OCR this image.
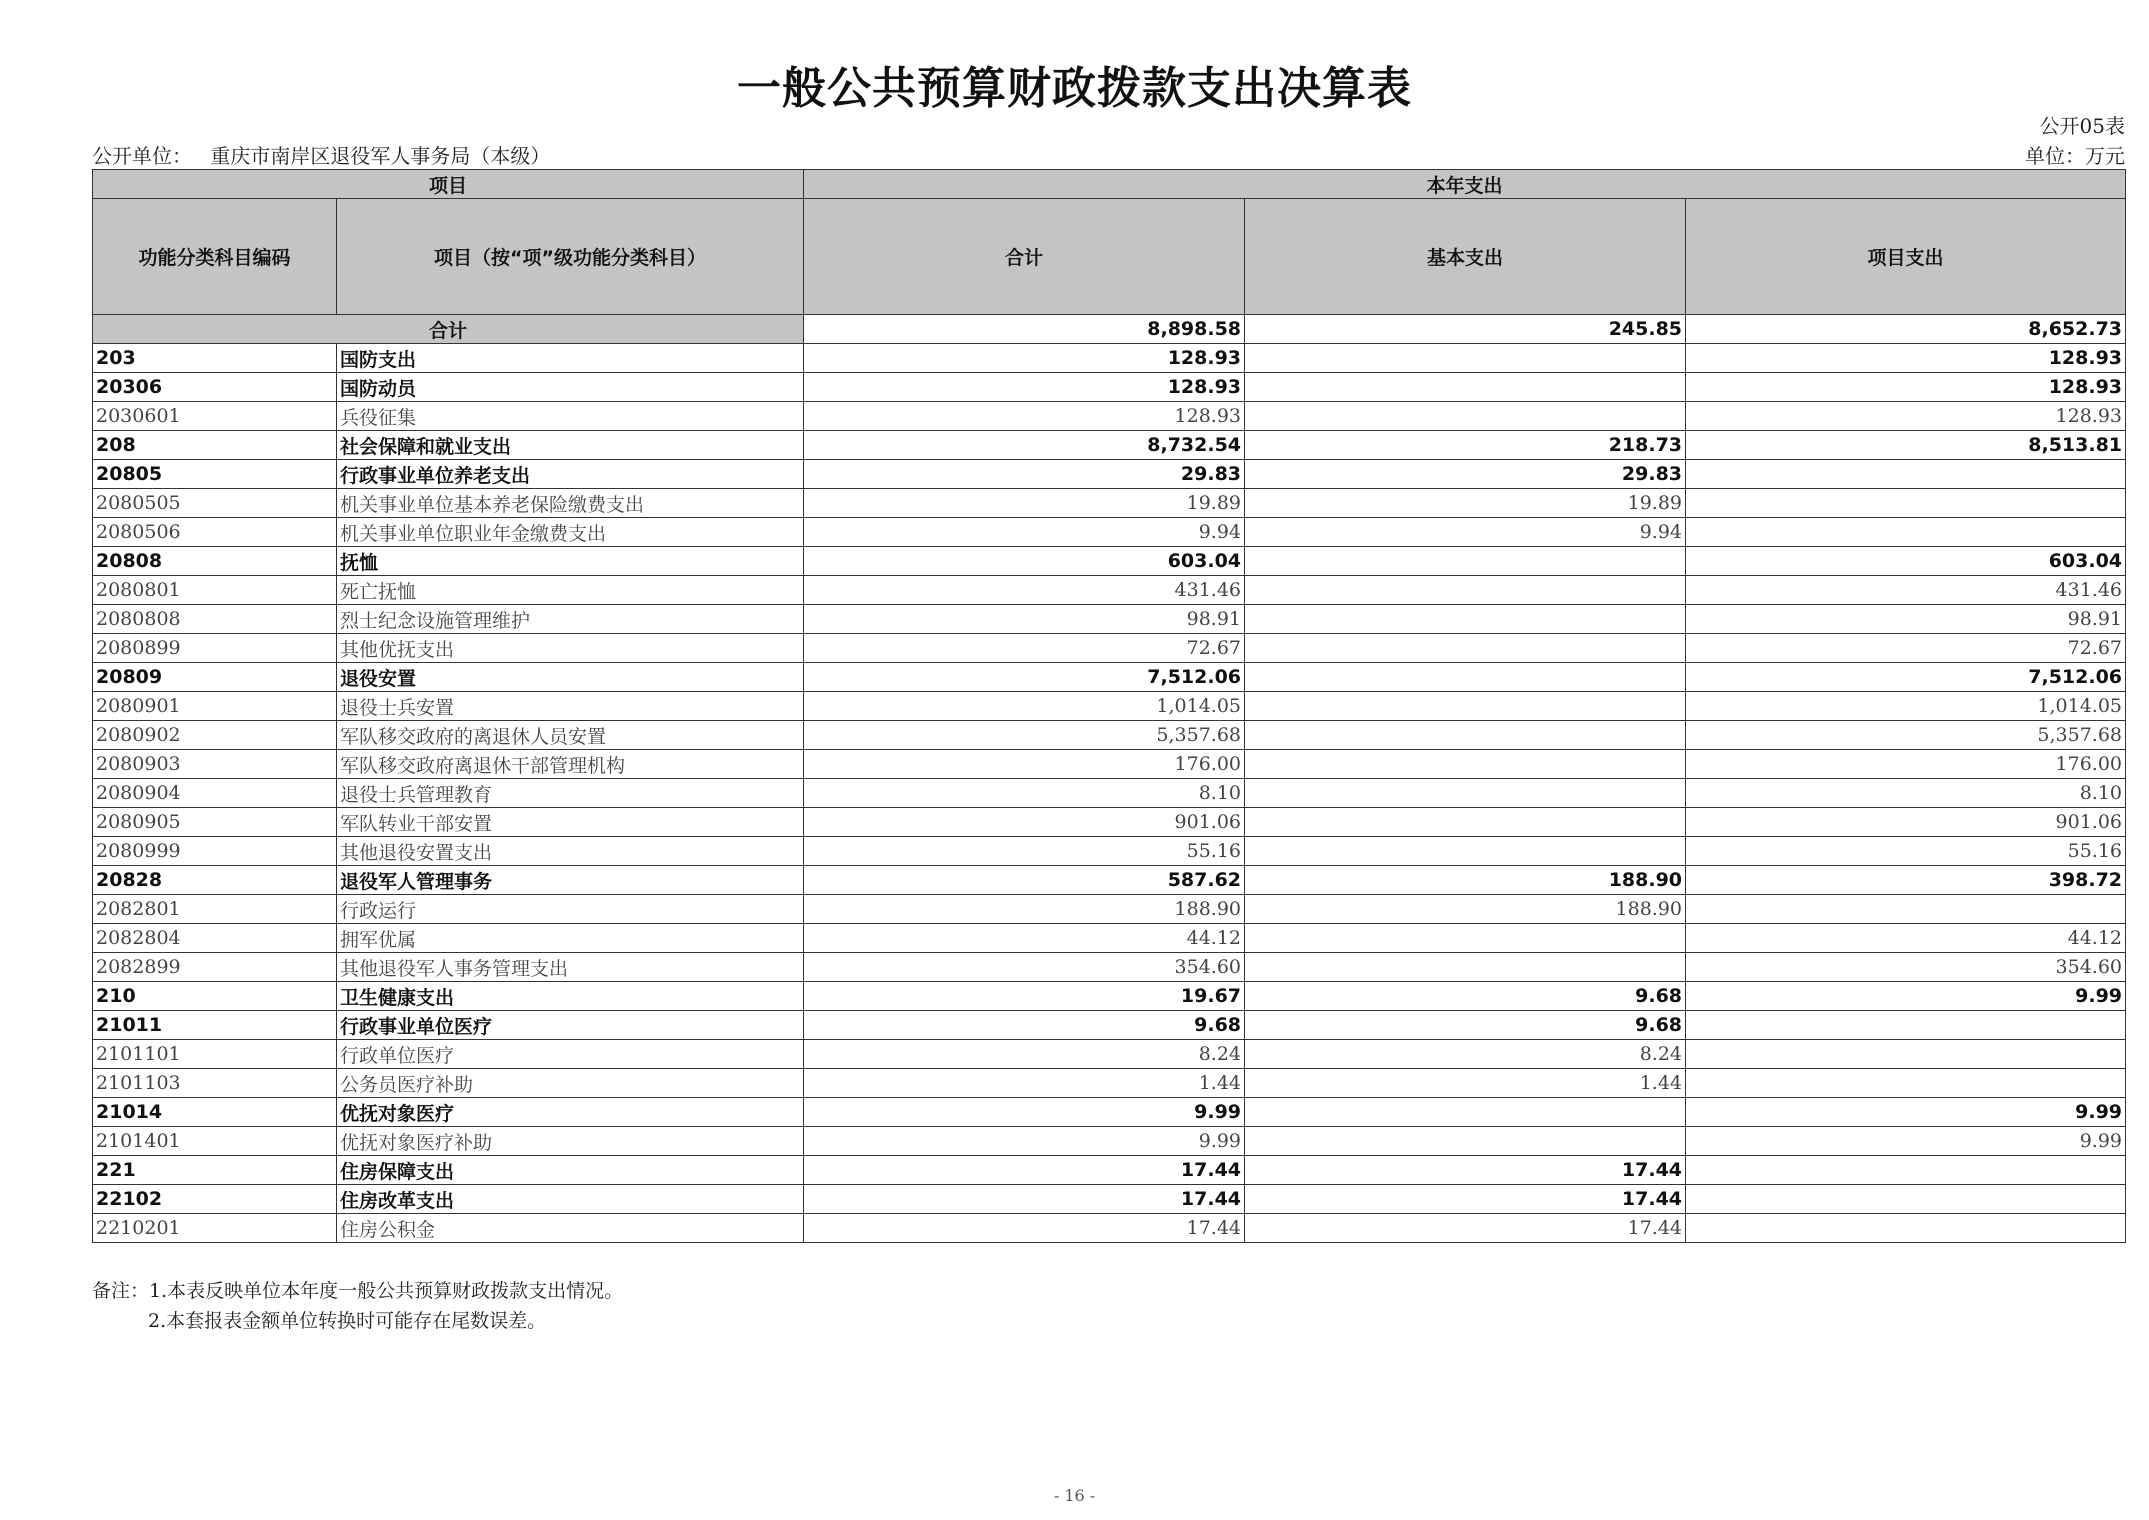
一般公共预算财政拨款支出决算表
公开05表
公开单位： 重庆市南岸区退役军人事务局（本级）	单位：万元
项目		本年支出		
功能分类科目编码	项目（按“项”级功能分类科目）	合计	基本支出	项目支出
合计		8,898.58	245.85	8,652.73
203	国防支出	128.93		128.93
20306	国防动员	128.93		128.93
2030601	兵役征集	128.93		128.93
208	社会保障和就业支出	8,732.54	218.73	8,513.81
20805	行政事业单位养老支出	29.83	29.83	
2080505	机关事业单位基本养老保险缴费支出	19.89	19.89	
2080506	机关事业单位职业年金缴费支出	9.94	9.94	
20808	抚恤	603.04		603.04
2080801	死亡抚恤	431.46		431.46
2080808	烈士纪念设施管理维护	98.91		98.91
2080899	其他优抚支出	72.67		72.67
20809	退役安置	7,512.06		7,512.06
2080901	退役士兵安置	1,014.05		1,014.05
2080902	军队移交政府的离退休人员安置	5,357.68		5,357.68
2080903	军队移交政府离退休干部管理机构	176.00		176.00
2080904	退役士兵管理教育	8.10		8.10
2080905	军队转业干部安置	901.06		901.06
2080999	其他退役安置支出	55.16		55.16
20828	退役军人管理事务	587.62	188.90	398.72
2082801	行政运行	188.90	188.90	
2082804	拥军优属	44.12		44.12
2082899	其他退役军人事务管理支出	354.60		354.60
210	卫生健康支出	19.67	9.68	9.99
21011	行政事业单位医疗	9.68	9.68	
2101101	行政单位医疗	8.24	8.24	
2101103	公务员医疗补助	1.44	1.44	
21014	优抚对象医疗	9.99		9.99
2101401	优抚对象医疗补助	9.99		9.99
221	住房保障支出	17.44	17.44	
22102	住房改革支出	17.44	17.44	
2210201	住房公积金	17.44	17.44	
备注：1.本表反映单位本年度一般公共预算财政拨款支出情况。
2.本套报表金额单位转换时可能存在尾数误差。
- 16 -
